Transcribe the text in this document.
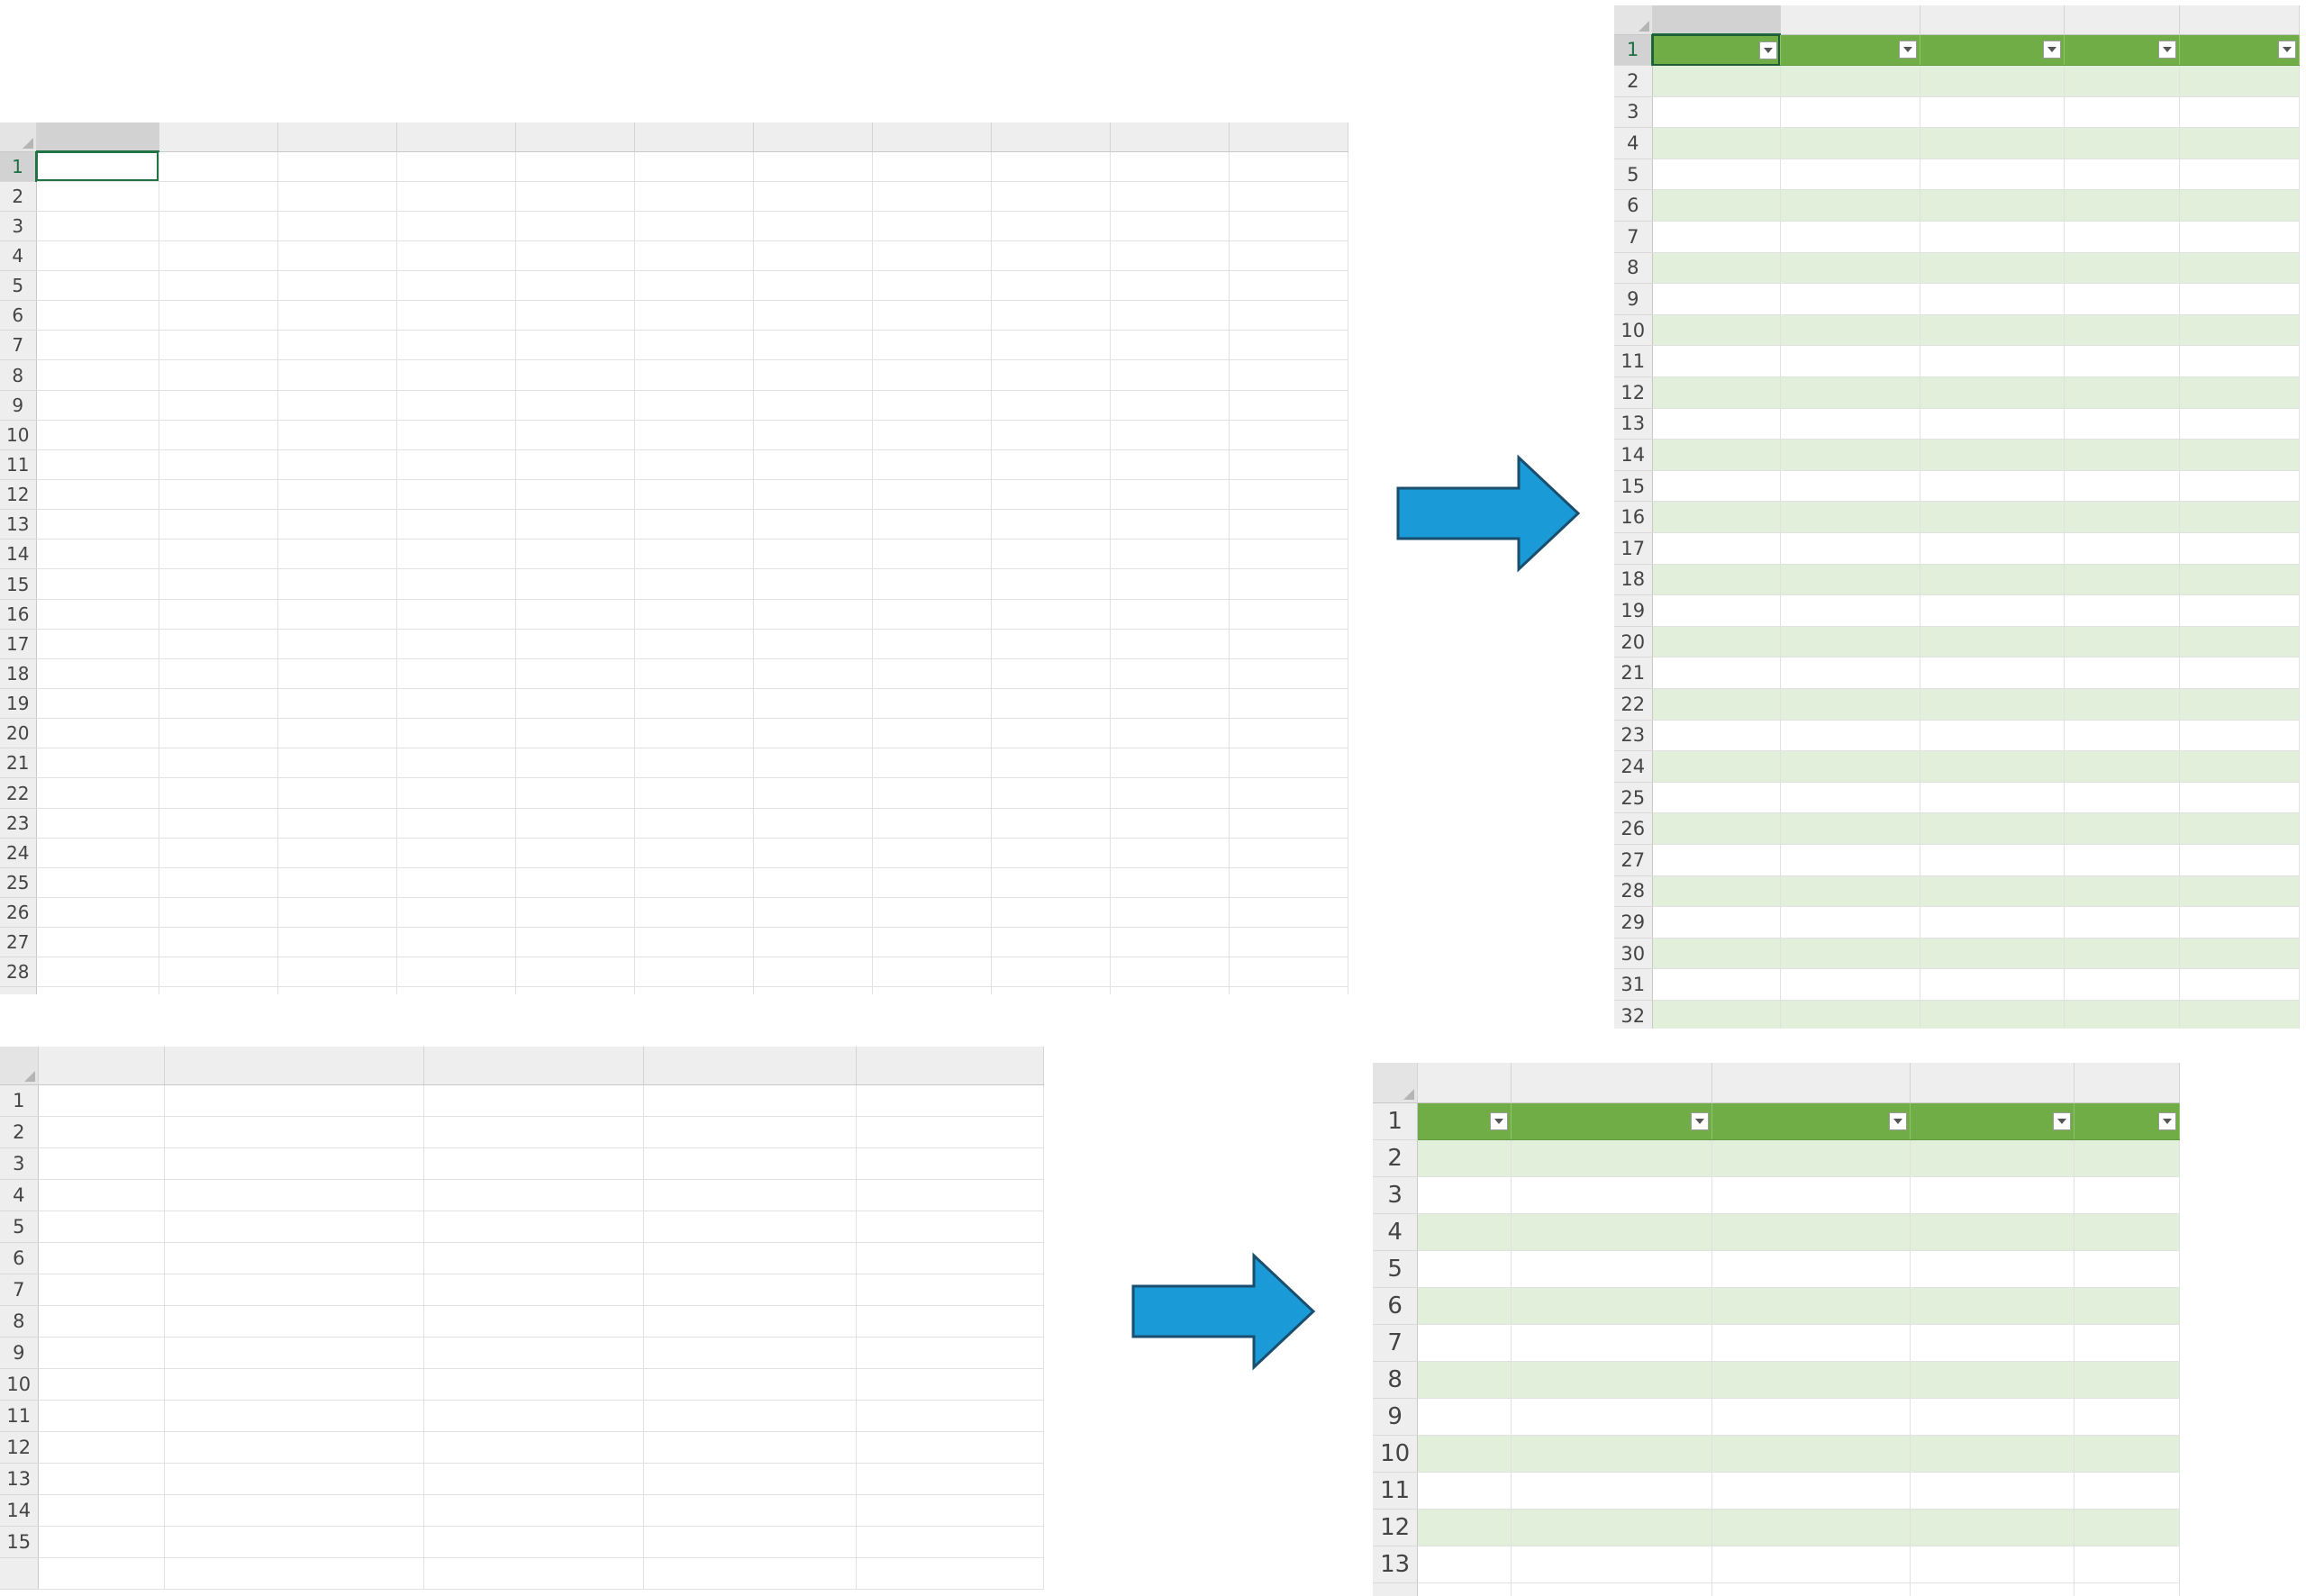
1											
2											
3											
4											
5											
6											
7											
8											
9											
10											
11											
12											
13											
14											
15											
16											
17											
18											
19											
20											
21											
22											
23											
24											
25											
26											
27											
28											

1	

2					
3					
4					
5					
6					
7					
8					
9					
10					
11					
12					
13					
14					
15					
16					
17					
18					
19					
20					
21					
22					
23					
24					
25					
26					
27					
28					
29					
30					
31					
32					

1					
2					
3					
4					
5					
6					
7					
8					
9					
10					
11					
12					
13					
14					
15					

1	

2					
3					
4					
5					
6					
7					
8					
9					
10					
11					
12					
13					
